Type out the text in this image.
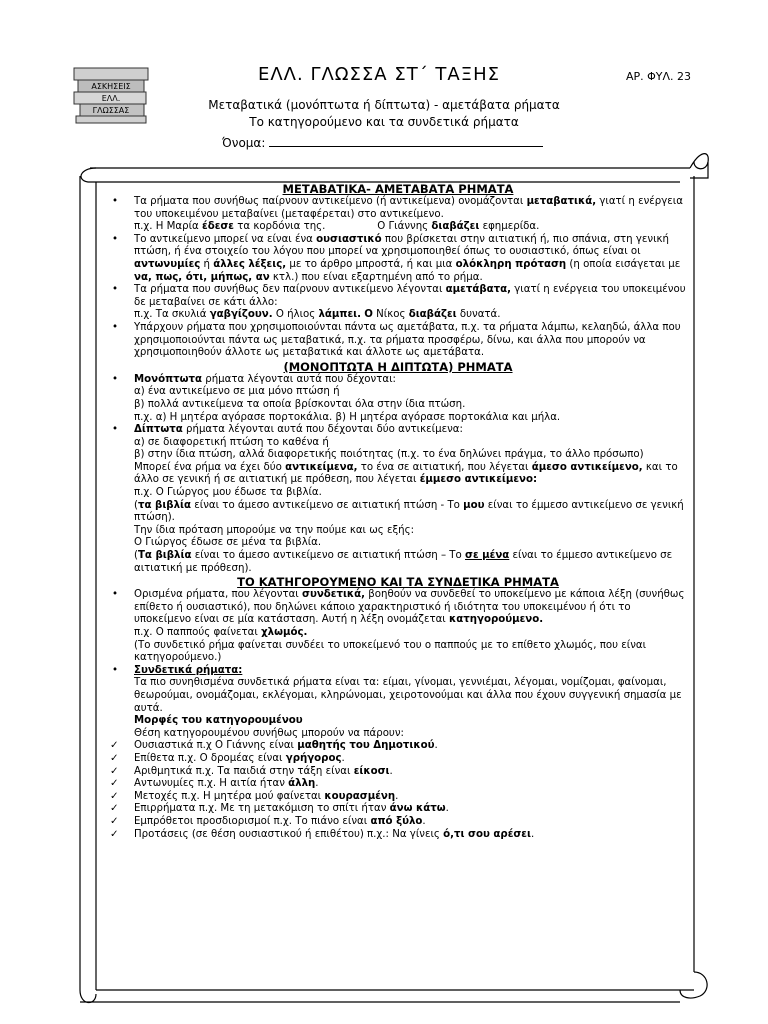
ΑΣΚΗΣΕΙΣ
ΕΛΛ.
ΓΛΩΣΣΑΣ
ΕΛΛ. ΓΛΩΣΣΑ ΣΤ΄ ΤΑΞΗΣ	ΑΡ. ΦΥΛ. 23
Μεταβατικά (μονόπτωτα ή δίπτωτα) - αμετάβατα ρήματα
Το κατηγορούμενο και τα συνδετικά ρήματα
Όνομα:
ΜΕΤΑΒΑΤΙΚΑ- ΑΜΕΤΑΒΑΤΑ ΡΗΜΑΤΑ
• Τα ρήματα που συνήθως παίρνουν αντικείμενο (ή αντικείμενα) ονομάζονται μεταβατικά, γιατί η ενέργεια του υποκειμένου μεταβαίνει (μεταφέρεται) στο αντικείμενο.
π.χ. Η Μαρία έδεσε τα κορδόνια της.	Ο Γιάννης διαβάζει εφημερίδα.
• Το αντικείμενο μπορεί να είναι ένα ουσιαστικό που βρίσκεται στην αιτιατική ή, πιο σπάνια, στη γενική πτώση, ή ένα στοιχείο του λόγου που μπορεί να χρησιμοποιηθεί όπως το ουσιαστικό, όπως είναι οι αντωνυμίες ή άλλες λέξεις, με το άρθρο μπροστά, ή και μια ολόκληρη πρόταση (η οποία εισάγεται με να, πως, ότι, μήπως, αν κτλ.) που είναι εξαρτημένη από το ρήμα.
• Τα ρήματα που συνήθως δεν παίρνουν αντικείμενο λέγονται αμετάβατα, γιατί η ενέργεια του υποκειμένου δε μεταβαίνει σε κάτι άλλο:
π.χ. Τα σκυλιά γαβγίζουν. Ο ήλιος λάμπει. Ο Νίκος διαβάζει δυνατά.
• Υπάρχουν ρήματα που χρησιμοποιούνται πάντα ως αμετάβατα, π.χ. τα ρήματα λάμπω, κελαηδώ, άλλα που χρησιμοποιούνται πάντα ως μεταβατικά, π.χ. τα ρήματα προσφέρω, δίνω, και άλλα που μπορούν να χρησιμοποιηθούν άλλοτε ως μεταβατικά και άλλοτε ως αμετάβατα.
(ΜΟΝΟΠΤΩΤΑ Η ΔΙΠΤΩΤΑ) ΡΗΜΑΤΑ
• Μονόπτωτα ρήματα λέγονται αυτά που δέχονται:
α) ένα αντικείμενο σε μια μόνο πτώση ή
β) πολλά αντικείμενα τα οποία βρίσκονται όλα στην ίδια πτώση.
π.χ. α) Η μητέρα αγόρασε πορτοκάλια. β) Η μητέρα αγόρασε πορτοκάλια και μήλα.
• Δίπτωτα ρήματα λέγονται αυτά που δέχονται δύο αντικείμενα:
α) σε διαφορετική πτώση το καθένα ή
β) στην ίδια πτώση, αλλά διαφορετικής ποιότητας (π.χ. το ένα δηλώνει πράγμα, το άλλο πρόσωπο)
Μπορεί ένα ρήμα να έχει δύο αντικείμενα, το ένα σε αιτιατική, που λέγεται άμεσο αντικείμενο, και το άλλο σε γενική ή σε αιτιατική με πρόθεση, που λέγεται έμμεσο αντικείμενο:
π.χ. Ο Γιώργος μου έδωσε τα βιβλία.
(τα βιβλία είναι το άμεσο αντικείμενο σε αιτιατική πτώση - Το μου είναι το έμμεσο αντικείμενο σε γενική πτώση).
Την ίδια πρόταση μπορούμε να την πούμε και ως εξής:
Ο Γιώργος έδωσε σε μένα τα βιβλία.
(Τα βιβλία είναι το άμεσο αντικείμενο σε αιτιατική πτώση – Το σε μένα είναι το έμμεσο αντικείμενο σε αιτιατική με πρόθεση).
ΤΟ ΚΑΤΗΓΟΡΟΥΜΕΝΟ ΚΑΙ ΤΑ ΣΥΝΔΕΤΙΚΑ ΡΗΜΑΤΑ
• Ορισμένα ρήματα, που λέγονται συνδετικά, βοηθούν να συνδεθεί το υποκείμενο με κάποια λέξη (συνήθως επίθετο ή ουσιαστικό), που δηλώνει κάποιο χαρακτηριστικό ή ιδιότητα του υποκειμένου ή ότι το υποκείμενο είναι σε μία κατάσταση. Αυτή η λέξη ονομάζεται κατηγορούμενο.
π.χ. Ο παππούς φαίνεται χλωμός.
(Το συνδετικό ρήμα φαίνεται συνδέει το υποκείμενό του ο παππούς με το επίθετο χλωμός, που είναι κατηγορούμενο.)
• Συνδετικά ρήματα:
Τα πιο συνηθισμένα συνδετικά ρήματα είναι τα: είμαι, γίνομαι, γεννιέμαι, λέγομαι, νομίζομαι, φαίνομαι, θεωρούμαι, ονομάζομαι, εκλέγομαι, κληρώνομαι, χειροτονούμαι και άλλα που έχουν συγγενική σημασία με αυτά.
Μορφές του κατηγορουμένου
Θέση κατηγορουμένου συνήθως μπορούν να πάρουν:
✓ Ουσιαστικά π.χ Ο Γιάννης είναι μαθητής του Δημοτικού.
✓ Επίθετα π.χ. Ο δρομέας είναι γρήγορος.
✓ Αριθμητικά π.χ. Τα παιδιά στην τάξη είναι είκοσι.
✓ Αντωνυμίες π.χ. Η αιτία ήταν άλλη.
✓ Μετοχές π.χ. Η μητέρα μού φαίνεται κουρασμένη.
✓ Επιρρήματα π.χ. Με τη μετακόμιση το σπίτι ήταν άνω κάτω.
✓ Εμπρόθετοι προσδιορισμοί π.χ. Το πιάνο είναι από ξύλο.
✓ Προτάσεις (σε θέση ουσιαστικού ή επιθέτου) π.χ.: Να γίνεις ό,τι σου αρέσει.
